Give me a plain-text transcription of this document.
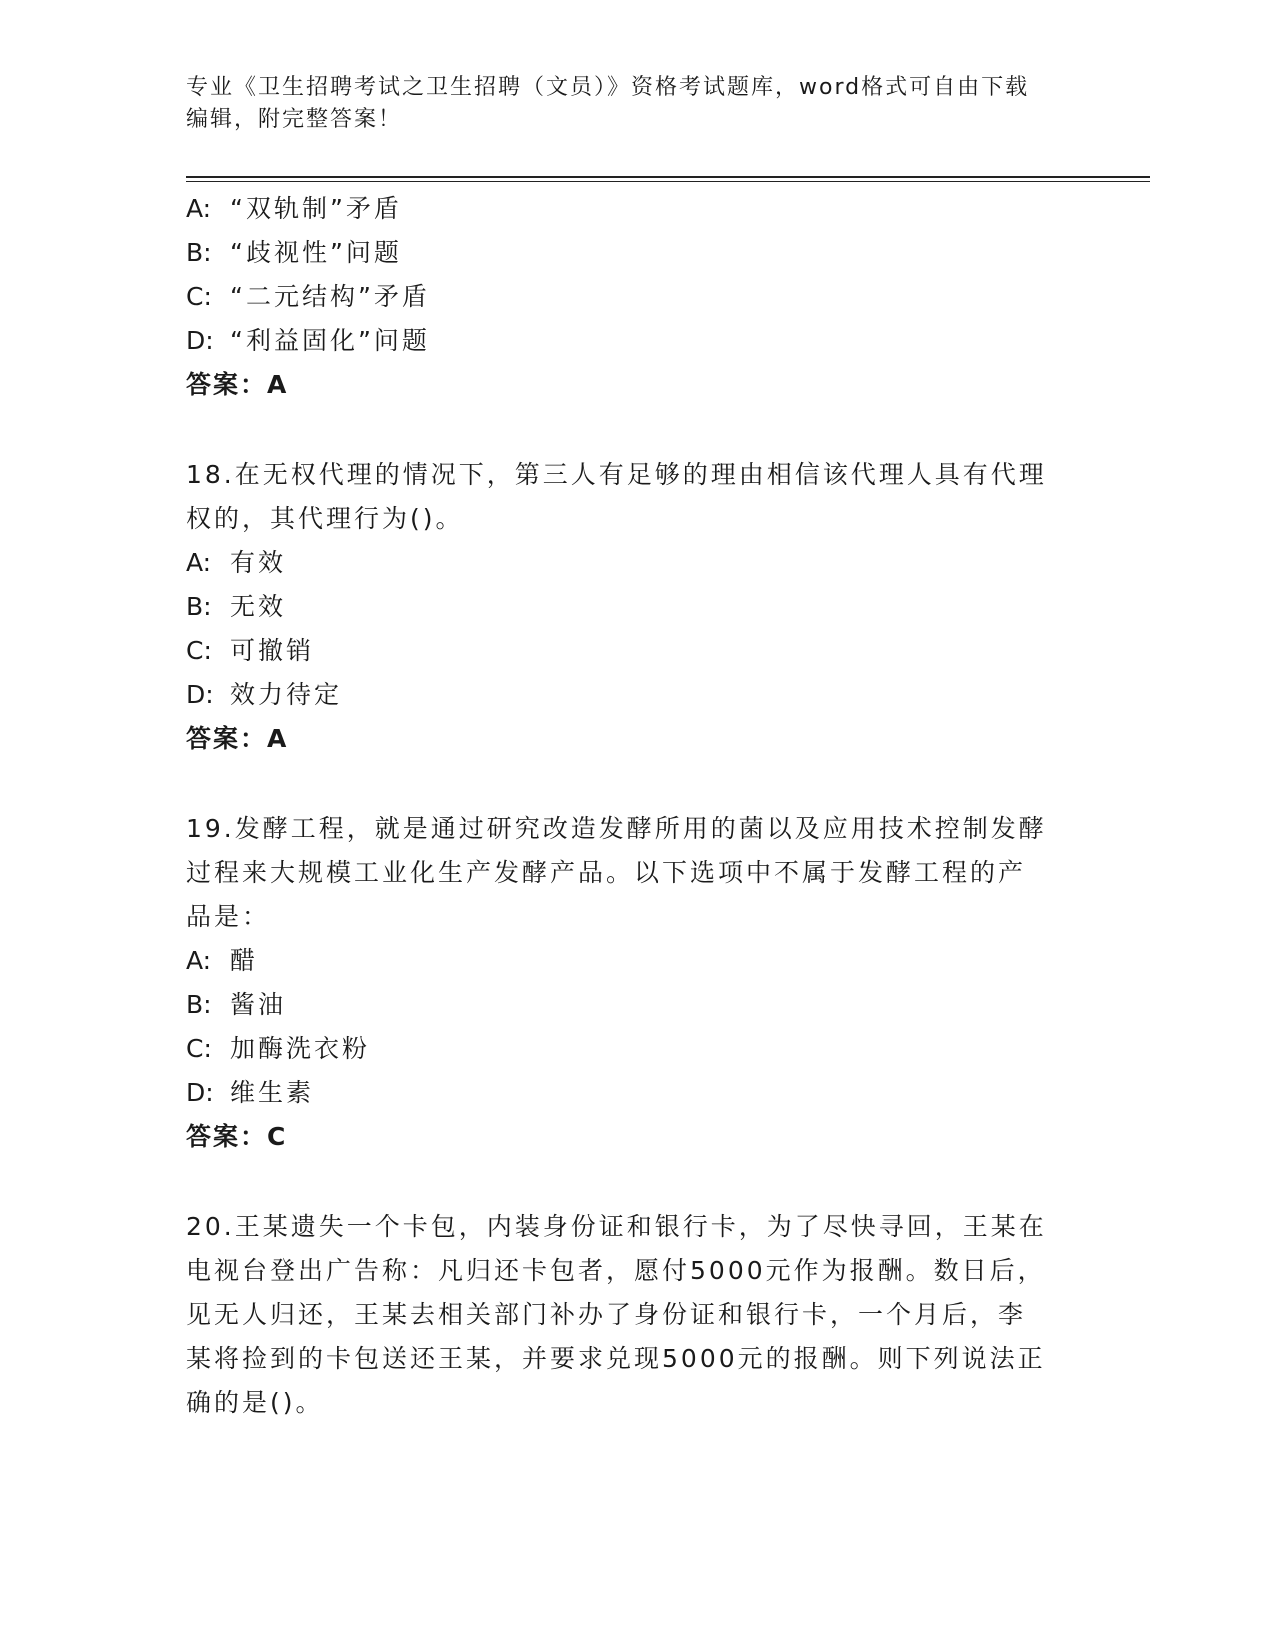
专业《卫生招聘考试之卫生招聘（文员）》资格考试题库，word格式可自由下载
编辑，附完整答案！
A: “双轨制”矛盾
B: “歧视性”问题
C: “二元结构”矛盾
D: “利益固化”问题
答案：A
18.在无权代理的情况下，第三人有足够的理由相信该代理人具有代理
权的，其代理行为()。
A: 有效
B: 无效
C: 可撤销
D: 效力待定
答案：A
19.发酵工程，就是通过研究改造发酵所用的菌以及应用技术控制发酵
过程来大规模工业化生产发酵产品。以下选项中不属于发酵工程的产
品是：
A: 醋
B: 酱油
C: 加酶洗衣粉
D: 维生素
答案：C
20.王某遗失一个卡包，内装身份证和银行卡，为了尽快寻回，王某在
电视台登出广告称：凡归还卡包者，愿付5000元作为报酬。数日后，
见无人归还，王某去相关部门补办了身份证和银行卡，一个月后，李
某将捡到的卡包送还王某，并要求兑现5000元的报酬。则下列说法正
确的是()。
